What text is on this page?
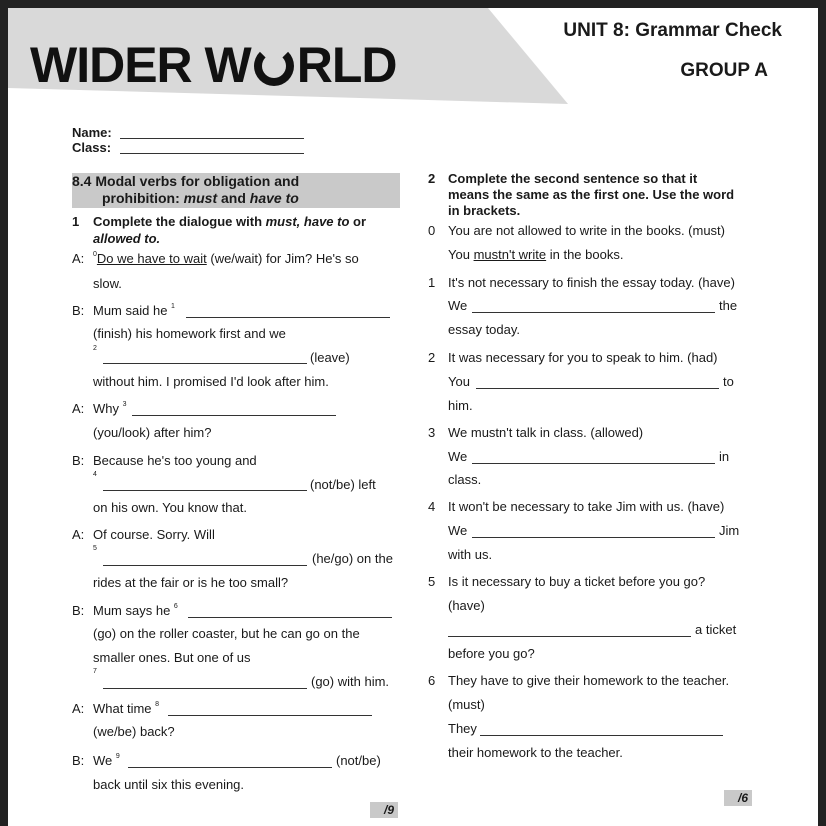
WIDER W RLD
UNIT 8: Grammar Check
GROUP A
Name:
Class:
8.4 Modal verbs for obligation and
prohibition: must and have to
1 Complete the dialogue with must, have to or
allowed to.
A: $^0$Do we have to wait (we/wait) for Jim? He's so
slow.
B: Mum said he $^1$
(finish) his homework first and we
$^2$
(leave)
without him. I promised I'd look after him.
A: Why $^3$
(you/look) after him?
B: Because he's too young and
$^4$
(not/be) left
on his own. You know that.
A: Of course. Sorry. Will
$^5$
(he/go) on the
rides at the fair or is he too small?
B: Mum says he $^6$
(go) on the roller coaster, but he can go on the
smaller ones. But one of us
$^7$
(go) with him.
A: What time $^8$
(we/be) back?
B: We $^9$	(not/be)
back until six this evening.
/9
2 Complete the second sentence so that it
means the same as the first one. Use the word
in brackets.
0 You are not allowed to write in the books. (must)
You mustn't write in the books.
1 It's not necessary to finish the essay today. (have)
We	the
essay today.
2 It was necessary for you to speak to him. (had)
You	to
him.
3 We mustn't talk in class. (allowed)
We	in
class.
4 It won't be necessary to take Jim with us. (have)
We	Jim
with us.
5 Is it necessary to buy a ticket before you go?
(have)
a ticket
before you go?
6 They have to give their homework to the teacher.
(must)
They
their homework to the teacher.
/6
